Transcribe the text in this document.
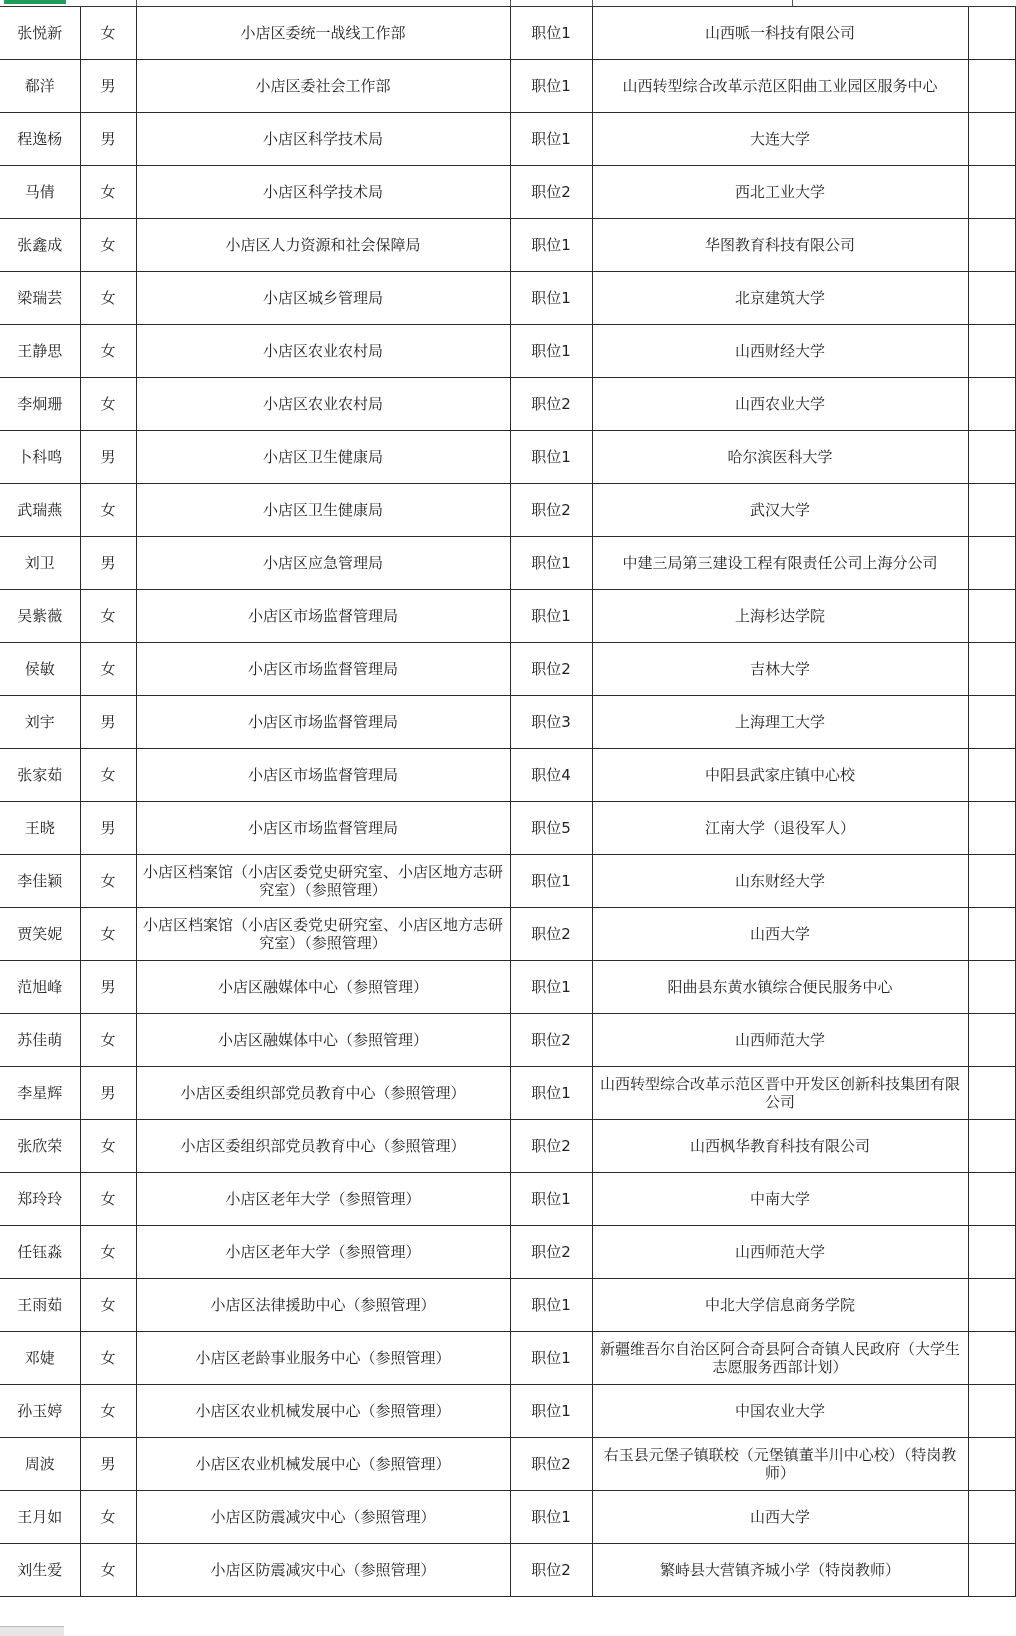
张悦新	女	小店区委统一战线工作部	职位1	山西哌一科技有限公司	
郗洋	男	小店区委社会工作部	职位1	山西转型综合改革示范区阳曲工业园区服务中心	
程逸杨	男	小店区科学技术局	职位1	大连大学	
马倩	女	小店区科学技术局	职位2	西北工业大学	
张鑫成	女	小店区人力资源和社会保障局	职位1	华图教育科技有限公司	
梁瑞芸	女	小店区城乡管理局	职位1	北京建筑大学	
王静思	女	小店区农业农村局	职位1	山西财经大学	
李炯珊	女	小店区农业农村局	职位2	山西农业大学	
卜科鸣	男	小店区卫生健康局	职位1	哈尔滨医科大学	
武瑞燕	女	小店区卫生健康局	职位2	武汉大学	
刘卫	男	小店区应急管理局	职位1	中建三局第三建设工程有限责任公司上海分公司	
吴紫薇	女	小店区市场监督管理局	职位1	上海杉达学院	
侯敏	女	小店区市场监督管理局	职位2	吉林大学	
刘宇	男	小店区市场监督管理局	职位3	上海理工大学	
张家茹	女	小店区市场监督管理局	职位4	中阳县武家庄镇中心校	
王晓	男	小店区市场监督管理局	职位5	江南大学（退役军人）	
李佳颖	女	小店区档案馆（小店区委党史研究室、小店区地方志研究室）（参照管理）	职位1	山东财经大学	
贾笑妮	女	小店区档案馆（小店区委党史研究室、小店区地方志研究室）（参照管理）	职位2	山西大学	
范旭峰	男	小店区融媒体中心（参照管理）	职位1	阳曲县东黄水镇综合便民服务中心	
苏佳萌	女	小店区融媒体中心（参照管理）	职位2	山西师范大学	
李星辉	男	小店区委组织部党员教育中心（参照管理）	职位1	山西转型综合改革示范区晋中开发区创新科技集团有限公司	
张欣荣	女	小店区委组织部党员教育中心（参照管理）	职位2	山西枫华教育科技有限公司	
郑玲玲	女	小店区老年大学（参照管理）	职位1	中南大学	
任钰淼	女	小店区老年大学（参照管理）	职位2	山西师范大学	
王雨茹	女	小店区法律援助中心（参照管理）	职位1	中北大学信息商务学院	
邓婕	女	小店区老龄事业服务中心（参照管理）	职位1	新疆维吾尔自治区阿合奇县阿合奇镇人民政府（大学生志愿服务西部计划）	
孙玉婷	女	小店区农业机械发展中心（参照管理）	职位1	中国农业大学	
周波	男	小店区农业机械发展中心（参照管理）	职位2	右玉县元堡子镇联校（元堡镇董半川中心校）（特岗教师）	
王月如	女	小店区防震减灾中心（参照管理）	职位1	山西大学	
刘生爱	女	小店区防震减灾中心（参照管理）	职位2	繁峙县大营镇齐城小学（特岗教师）	
